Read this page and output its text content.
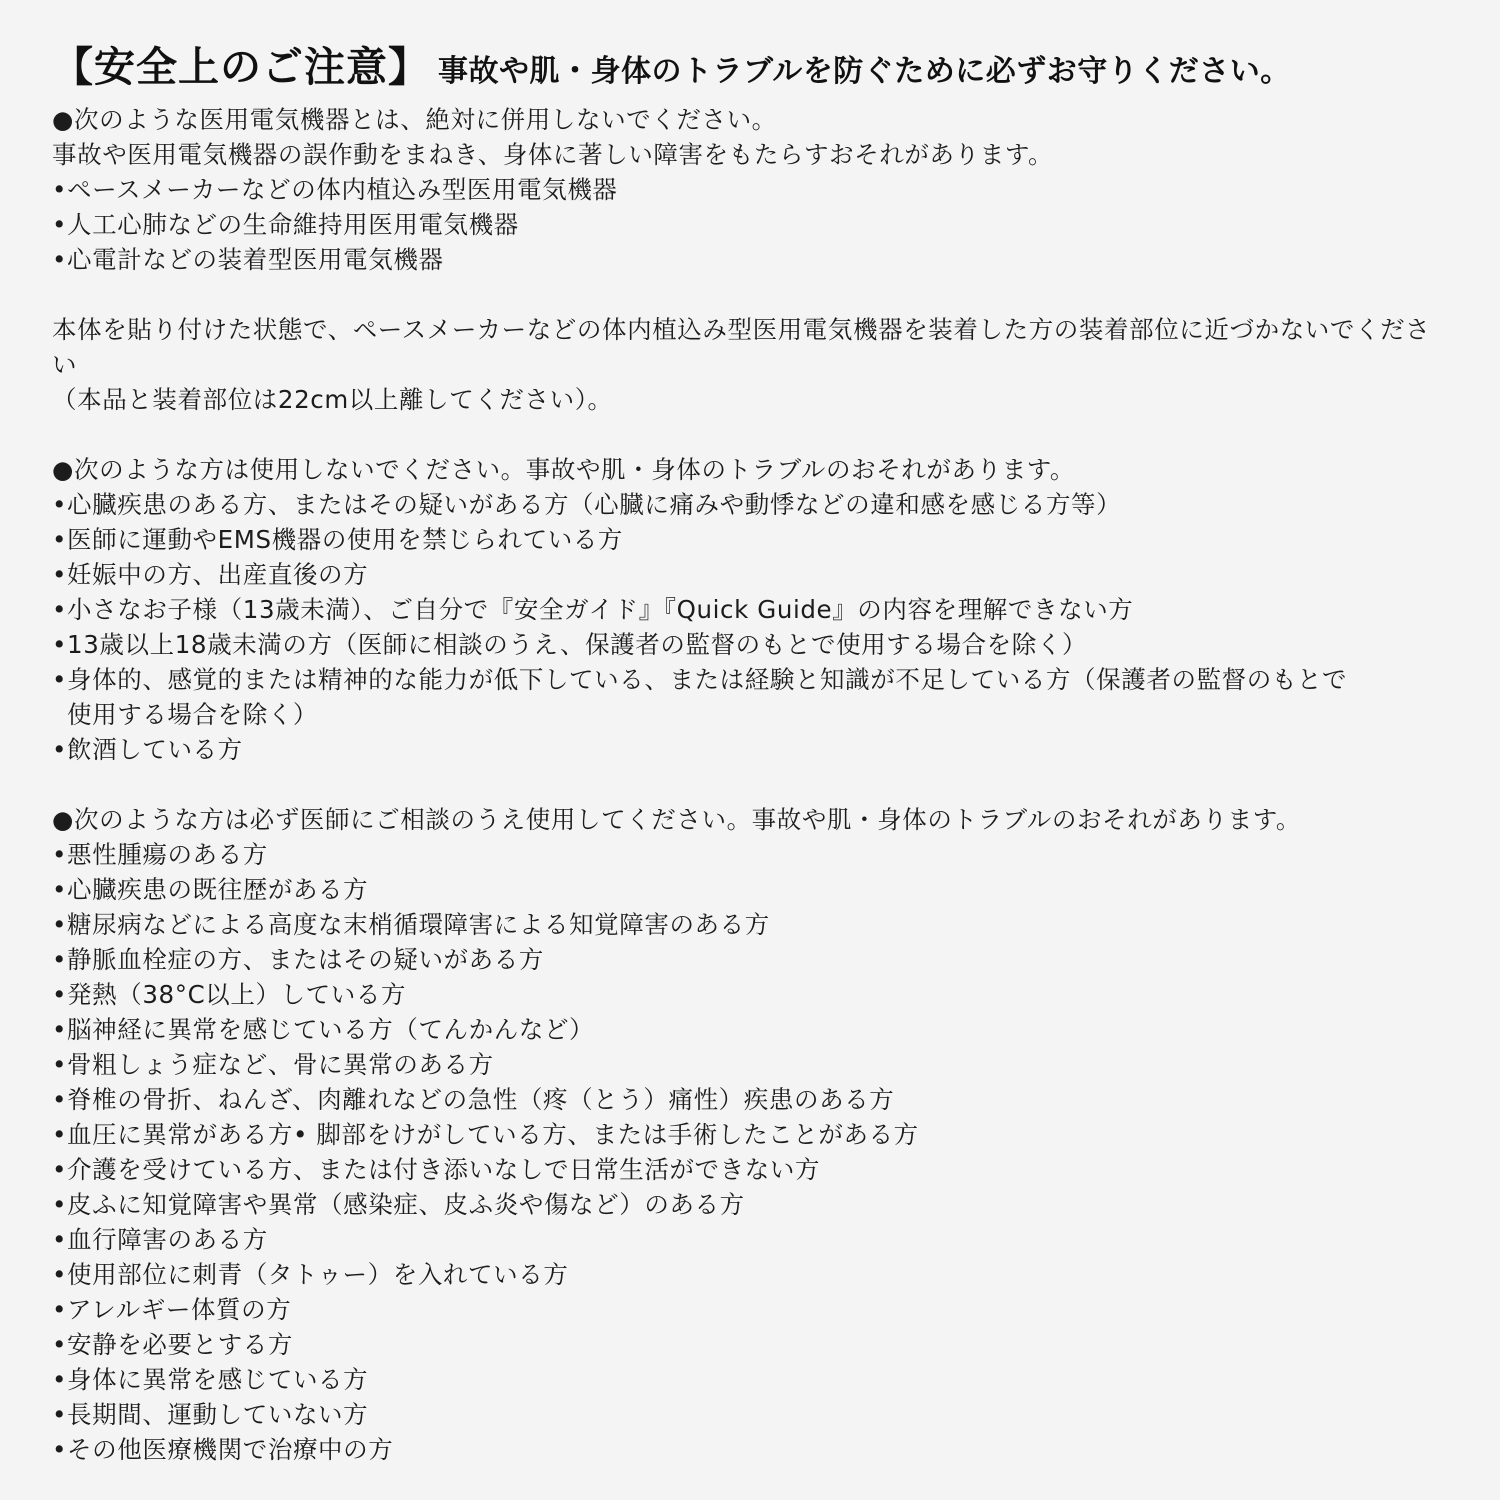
【安全上のご注意】 事故や肌・身体のトラブルを防ぐために必ずお守りください。
●次のような医用電気機器とは、絶対に併用しないでください。
事故や医用電気機器の誤作動をまねき、身体に著しい障害をもたらすおそれがあります。
•ペースメーカーなどの体内植込み型医用電気機器
•人工心肺などの生命維持用医用電気機器
•心電計などの装着型医用電気機器
本体を貼り付けた状態で、ペースメーカーなどの体内植込み型医用電気機器を装着した方の装着部位に近づかないでください
（本品と装着部位は22cm以上離してください）。
●次のような方は使用しないでください。事故や肌・身体のトラブルのおそれがあります。
•心臓疾患のある方、またはその疑いがある方（心臓に痛みや動悸などの違和感を感じる方等）
•医師に運動やEMS機器の使用を禁じられている方
•妊娠中の方、出産直後の方
•小さなお子様（13歳未満）、ご自分で『安全ガイド』『Quick Guide』の内容を理解できない方
•13歳以上18歳未満の方（医師に相談のうえ、保護者の監督のもとで使用する場合を除く）
•身体的、感覚的または精神的な能力が低下している、または経験と知識が不足している方（保護者の監督のもとで
使用する場合を除く）
•飲酒している方
●次のような方は必ず医師にご相談のうえ使用してください。事故や肌・身体のトラブルのおそれがあります。
•悪性腫瘍のある方
•心臓疾患の既往歴がある方
•糖尿病などによる高度な末梢循環障害による知覚障害のある方
•静脈血栓症の方、またはその疑いがある方
•発熱（38°C以上）している方
•脳神経に異常を感じている方（てんかんなど）
•骨粗しょう症など、骨に異常のある方
•脊椎の骨折、ねんざ、肉離れなどの急性（疼（とう）痛性）疾患のある方
•血圧に異常がある方• 脚部をけがしている方、または手術したことがある方
•介護を受けている方、または付き添いなしで日常生活ができない方
•皮ふに知覚障害や異常（感染症、皮ふ炎や傷など）のある方
•血行障害のある方
•使用部位に刺青（タトゥー）を入れている方
•アレルギー体質の方
•安静を必要とする方
•身体に異常を感じている方
•長期間、運動していない方
•その他医療機関で治療中の方
